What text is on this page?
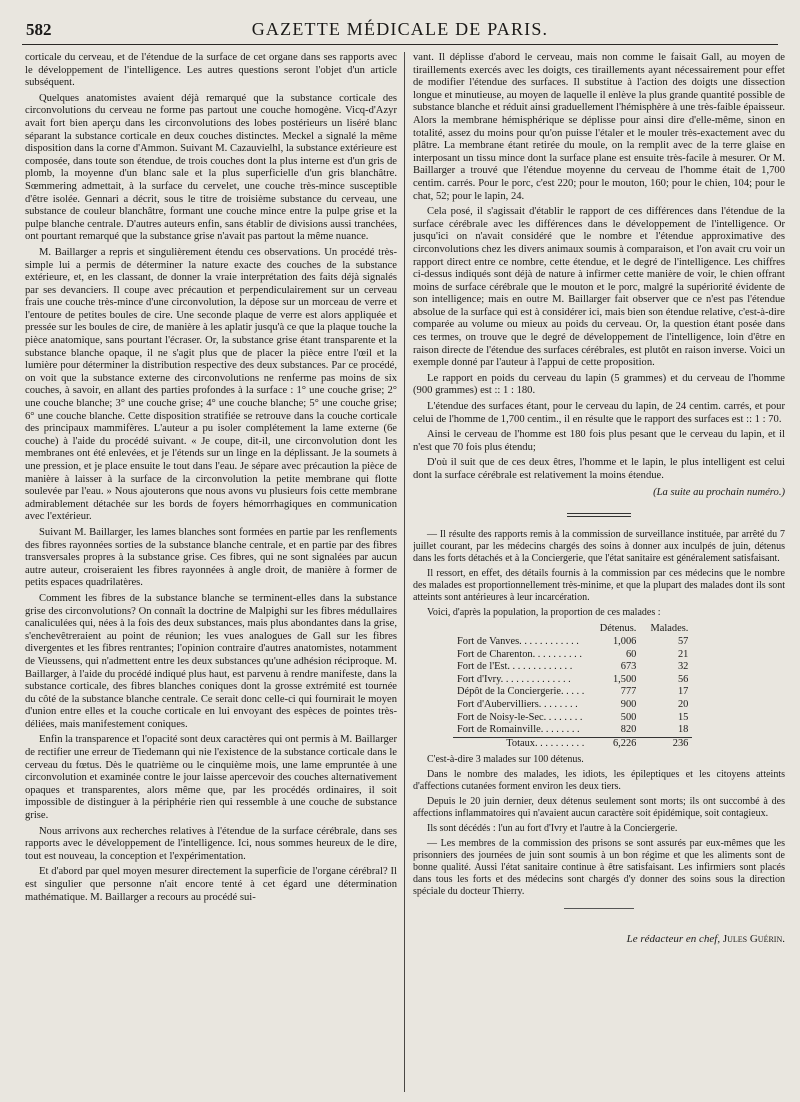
582	GAZETTE MÉDICALE DE PARIS.

corticale du cerveau, et de l'étendue de la surface de cet organe dans ses rapports avec le développement de l'intelligence. Les autres questions seront l'objet d'un article subséquent.

Quelques anatomistes avaient déjà remarqué que la substance corticale des circonvolutions du cerveau ne forme pas partout une couche homogène. Vicq-d'Azyr avait fort bien aperçu dans les circonvolutions des lobes postérieurs un liséré blanc séparant la substance corticale en deux couches distinctes. Meckel a signalé la même disposition dans la corne d'Ammon. Suivant M. Cazauvielhl, la substance extérieure est composée, dans toute son étendue, de trois couches dont la plus interne est d'un gris de plomb, la moyenne d'un blanc sale et la plus superficielle d'un gris blanchâtre. Sœmmering admettait, à la surface du cervelet, une couche très-mince susceptible d'être isolée. Gennari a décrit, sous le titre de troisième substance du cerveau, une substance de couleur blanchâtre, formant une couche mince entre la pulpe grise et la pulpe blanche centrale. D'autres auteurs enfin, sans établir de divisions aussi tranchées, ont pourtant remarqué que la substance grise n'avait pas partout la même nuance.

M. Baillarger a repris et singulièrement étendu ces observations. Un procédé très-simple lui a permis de déterminer la nature exacte des couches de la substance extérieure, et, en les classant, de donner la vraie interprétation des faits déjà signalés par ses devanciers. Il coupe avec précaution et perpendiculairement sur un cerveau frais une couche très-mince d'une circonvolution, la dépose sur un morceau de verre et l'entoure de petites boules de cire. Une seconde plaque de verre est alors appliquée et pressée sur les boules de cire, de manière à les aplatir jusqu'à ce que la plaque touche la pièce anatomique, sans pourtant l'écraser. Or, la substance grise étant transparente et la substance blanche opaque, il ne s'agit plus que de placer la pièce entre l'œil et la lumière pour déterminer la distribution respective des deux substances. Par ce procédé, on voit que la substance externe des circonvolutions ne renferme pas moins de six couches, à savoir, en allant des parties profondes à la surface : 1° une couche grise; 2° une couche blanche; 3° une couche grise; 4° une couche blanche; 5° une couche grise; 6° une couche blanche. Cette disposition stratifiée se retrouve dans la couche corticale des principaux mammifères. L'auteur a pu isoler complétement la lame externe (6e couche) à l'aide du procédé suivant. « Je coupe, dit-il, une circonvolution dont les membranes ont été enlevées, et je l'étends sur un linge en la déplissant. Je la soumets à une pression, et je place ensuite le tout dans l'eau. Je sépare avec précaution la pièce de manière à laisser à la surface de la circonvolution la petite membrane qui flotte soulevée par l'eau. » Nous ajouterons que nous avons vu plusieurs fois cette membrane admirablement détachée sur les bords de foyers hémorrhagiques en communication avec l'extérieur.

Suivant M. Baillarger, les lames blanches sont formées en partie par les renflements des fibres rayonnées sorties de la substance blanche centrale, et en partie par des fibres transversales propres à la substance grise. Ces fibres, qui ne sont signalées par aucun autre auteur, croiseraient les fibres rayonnées à angle droit, de manière à former de petits espaces quadrilatères.

Comment les fibres de la substance blanche se terminent-elles dans la substance grise des circonvolutions? On connaît la doctrine de Malpighi sur les fibres médullaires canaliculées qui, nées à la fois des deux substances, mais plus abondantes dans la grise, s'enchevêtreraient au point de réunion; les vues analogues de Gall sur les fibres divergentes et les fibres rentrantes; l'opinion contraire d'autres anatomistes, notamment de Vieussens, qui n'admettent entre les deux substances qu'une adhésion réciproque. M. Baillarger, à l'aide du procédé indiqué plus haut, est parvenu à rendre manifeste, dans la substance corticale, des fibres blanches coniques dont la grosse extrémité est tournée du côté de la substance blanche centrale. Ce serait donc celle-ci qui fournirait le moyen d'union entre elles et la couche corticale en lui envoyant des espèces de pointes très-déliées, mais manifestement coniques.

Enfin la transparence et l'opacité sont deux caractères qui ont permis à M. Baillarger de rectifier une erreur de Tiedemann qui nie l'existence de la substance corticale dans le cerveau du fœtus. Dès le quatrième ou le cinquième mois, une lame empruntée à une circonvolution et examinée contre le jour laisse apercevoir des couches alternativement opaques et transparentes, alors même que, par les procédés ordinaires, il soit impossible de distinguer à la périphérie rien qui ressemble à une couche de substance grise.

Nous arrivons aux recherches relatives à l'étendue de la surface cérébrale, dans ses rapports avec le développement de l'intelligence. Ici, nous sommes heureux de le dire, tout est nouveau, la conception et l'expérimentation.

Et d'abord par quel moyen mesurer directement la superficie de l'organe cérébral? Il est singulier que personne n'ait encore tenté à cet égard une détermination mathématique. M. Baillarger a recours au procédé sui-

vant. Il déplisse d'abord le cerveau, mais non comme le faisait Gall, au moyen de tiraillements exercés avec les doigts, ces tiraillements ayant nécessairement pour effet de modifier l'étendue des surfaces. Il substitue à l'action des doigts une dissection longue et minutieuse, au moyen de laquelle il enlève la plus grande quantité possible de substance blanche et réduit ainsi graduellement l'hémisphère à une très-faible épaisseur. Alors la membrane hémisphérique se déplisse pour ainsi dire d'elle-même, sinon en totalité, assez du moins pour qu'on puisse l'étaler et le mouler très-exactement avec du plâtre. La membrane étant retirée du moule, on la remplit avec de la terre glaise en interposant un tissu mince dont la surface plane est ensuite très-facile à mesurer. Or M. Baillarger a trouvé que l'étendue moyenne du cerveau de l'homme était de 1,700 centim. carrés. Pour le porc, c'est 220; pour le mouton, 160; pour le chien, 104; pour le chat, 52; pour le lapin, 24.

Cela posé, il s'agissait d'établir le rapport de ces différences dans l'étendue de la surface cérébrale avec les différences dans le développement de l'intelligence. Or jusqu'ici on n'avait considéré que le nombre et l'étendue approximative des circonvolutions chez les divers animaux soumis à comparaison, et l'on avait cru voir un rapport direct entre ce nombre, cette étendue, et le degré de l'intelligence. Les chiffres ci-dessus indiqués sont déjà de nature à infirmer cette manière de voir, le chien offrant moins de surface cérébrale que le mouton et le porc, malgré la supériorité évidente de son intelligence; mais en outre M. Baillarger fait observer que ce n'est pas l'étendue absolue de la surface qui est à considérer ici, mais bien son étendue relative, c'est-à-dire comparée au volume ou mieux au poids du cerveau. Or, la question étant posée dans ces termes, on trouve que le degré de développement de l'intelligence, loin d'être en raison directe de l'étendue des surfaces cérébrales, est plutôt en raison inverse. Voici un exemple donné par l'auteur à l'appui de cette proposition.

Le rapport en poids du cerveau du lapin (5 grammes) et du cerveau de l'homme (900 grammes) est :: 1 : 180.

L'étendue des surfaces étant, pour le cerveau du lapin, de 24 centim. carrés, et pour celui de l'homme de 1,700 centim., il en résulte que le rapport des surfaces est :: 1 : 70.

Ainsi le cerveau de l'homme est 180 fois plus pesant que le cerveau du lapin, et il n'est que 70 fois plus étendu;

D'où il suit que de ces deux êtres, l'homme et le lapin, le plus intelligent est celui dont la surface cérébrale est relativement la moins étendue.

(La suite au prochain numéro.)

— Il résulte des rapports remis à la commission de surveillance instituée, par arrêté du 7 juillet courant, par les médecins chargés des soins à donner aux inculpés de juin, détenus dans les forts détachés et à la Conciergerie, que l'état sanitaire est généralement satisfaisant.

Il ressort, en effet, des détails fournis à la commission par ces médecins que le nombre des malades est proportionnellement très-minime, et que la plupart des malades dont ils sont atteints sont antérieures à leur incarcération.

Voici, d'après la population, la proportion de ces malades :

	Détenus.	Malades.
Fort de Vanves. . . . . . . . . . . .	1,006	57
Fort de Charenton. . . . . . . . . .	60	21
Fort de l'Est. . . . . . . . . . . . .	673	32
Fort d'Ivry. . . . . . . . . . . . . .	1,500	56
Dépôt de la Conciergerie. . . . .	777	17
Fort d'Aubervilliers. . . . . . . .	900	20
Fort de Noisy-le-Sec. . . . . . . .	500	15
Fort de Romainville. . . . . . . .	820	18
Totaux. . . . . . . . . .	6,226	236

C'est-à-dire 3 malades sur 100 détenus.

Dans le nombre des malades, les idiots, les épileptiques et les citoyens atteints d'affections cutanées forment environ les deux tiers.

Depuis le 20 juin dernier, deux détenus seulement sont morts; ils ont succombé à des affections inflammatoires qui n'avaient aucun caractère soit épidémique, soit contagieux.

Ils sont décédés : l'un au fort d'Ivry et l'autre à la Conciergerie.

— Les membres de la commission des prisons se sont assurés par eux-mêmes que les prisonniers des journées de juin sont soumis à un bon régime et que les aliments sont de bonne qualité. Aussi l'état sanitaire continue à être satisfaisant. Les infirmiers sont placés dans tous les forts et des médecins sont chargés d'y donner des soins sous la direction spéciale du docteur Thierry.

Le rédacteur en chef, Jules Guérin.
